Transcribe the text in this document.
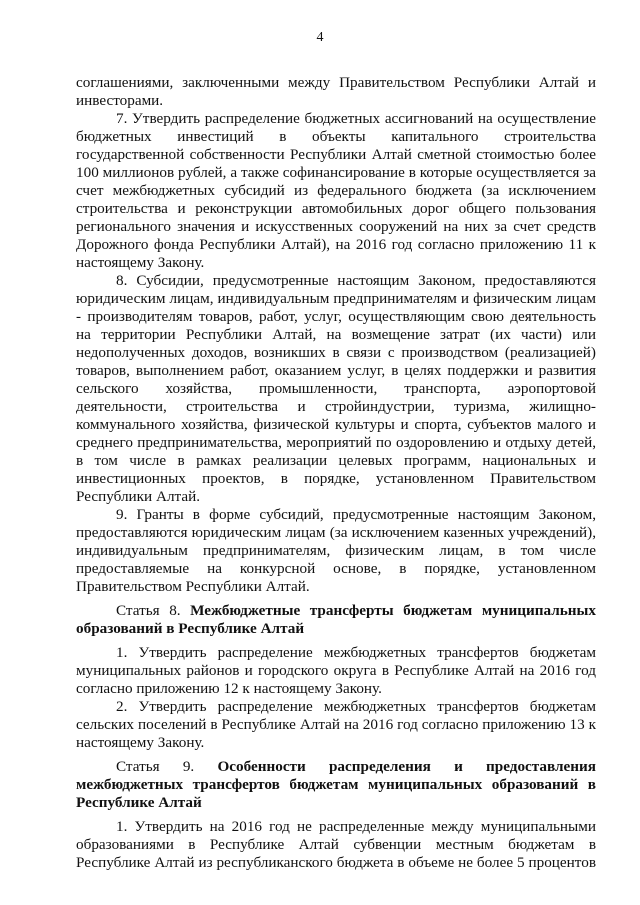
4

соглашениями, заключенными между Правительством Республики Алтай и инвесторами.

7. Утвердить распределение бюджетных ассигнований на осуществление бюджетных инвестиций в объекты капитального строительства государственной собственности Республики Алтай сметной стоимостью более 100 миллионов рублей, а также софинансирование в которые осуществляется за счет межбюджетных субсидий из федерального бюджета (за исключением строительства и реконструкции автомобильных дорог общего пользования регионального значения и искусственных сооружений на них за счет средств Дорожного фонда Республики Алтай), на 2016 год согласно приложению 11 к настоящему Закону.

8. Субсидии, предусмотренные настоящим Законом, предоставляются юридическим лицам, индивидуальным предпринимателям и физическим лицам - производителям товаров, работ, услуг, осуществляющим свою деятельность на территории Республики Алтай, на возмещение затрат (их части) или недополученных доходов, возникших в связи с производством (реализацией) товаров, выполнением работ, оказанием услуг, в целях поддержки и развития сельского хозяйства, промышленности, транспорта, аэропортовой деятельности, строительства и стройиндустрии, туризма, жилищно-коммунального хозяйства, физической культуры и спорта, субъектов малого и среднего предпринимательства, мероприятий по оздоровлению и отдыху детей, в том числе в рамках реализации целевых программ, национальных и инвестиционных проектов, в порядке, установленном Правительством Республики Алтай.

9. Гранты в форме субсидий, предусмотренные настоящим Законом, предоставляются юридическим лицам (за исключением казенных учреждений), индивидуальным предпринимателям, физическим лицам, в том числе предоставляемые на конкурсной основе, в порядке, установленном Правительством Республики Алтай.

Статья 8. Межбюджетные трансферты бюджетам муниципальных образований в Республике Алтай

1. Утвердить распределение межбюджетных трансфертов бюджетам муниципальных районов и городского округа в Республике Алтай на 2016 год согласно приложению 12 к настоящему Закону.

2. Утвердить распределение межбюджетных трансфертов бюджетам сельских поселений в Республике Алтай на 2016 год согласно приложению 13 к настоящему Закону.

Статья 9. Особенности распределения и предоставления межбюджетных трансфертов бюджетам муниципальных образований в Республике Алтай

1. Утвердить на 2016 год не распределенные между муниципальными образованиями в Республике Алтай субвенции местным бюджетам в Республике Алтай из республиканского бюджета в объеме не более 5 процентов
